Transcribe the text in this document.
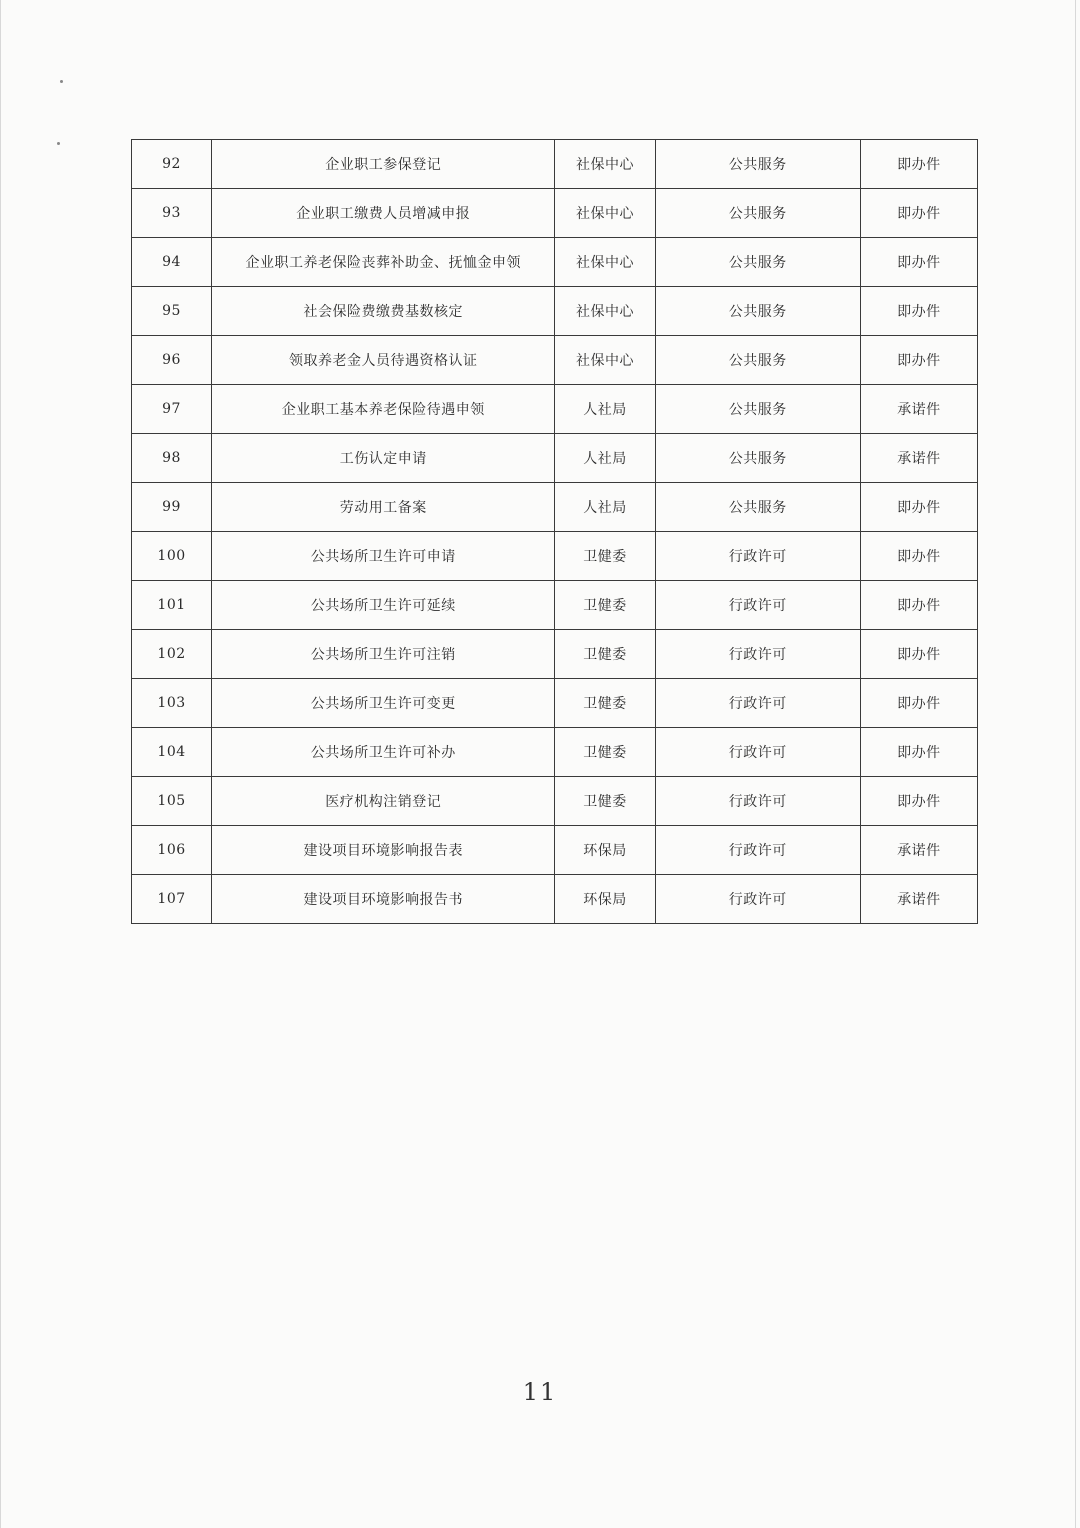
92	企业职工参保登记	社保中心	公共服务	即办件
93	企业职工缴费人员增减申报	社保中心	公共服务	即办件
94	企业职工养老保险丧葬补助金、抚恤金申领	社保中心	公共服务	即办件
95	社会保险费缴费基数核定	社保中心	公共服务	即办件
96	领取养老金人员待遇资格认证	社保中心	公共服务	即办件
97	企业职工基本养老保险待遇申领	人社局	公共服务	承诺件
98	工伤认定申请	人社局	公共服务	承诺件
99	劳动用工备案	人社局	公共服务	即办件
100	公共场所卫生许可申请	卫健委	行政许可	即办件
101	公共场所卫生许可延续	卫健委	行政许可	即办件
102	公共场所卫生许可注销	卫健委	行政许可	即办件
103	公共场所卫生许可变更	卫健委	行政许可	即办件
104	公共场所卫生许可补办	卫健委	行政许可	即办件
105	医疗机构注销登记	卫健委	行政许可	即办件
106	建设项目环境影响报告表	环保局	行政许可	承诺件
107	建设项目环境影响报告书	环保局	行政许可	承诺件
11
